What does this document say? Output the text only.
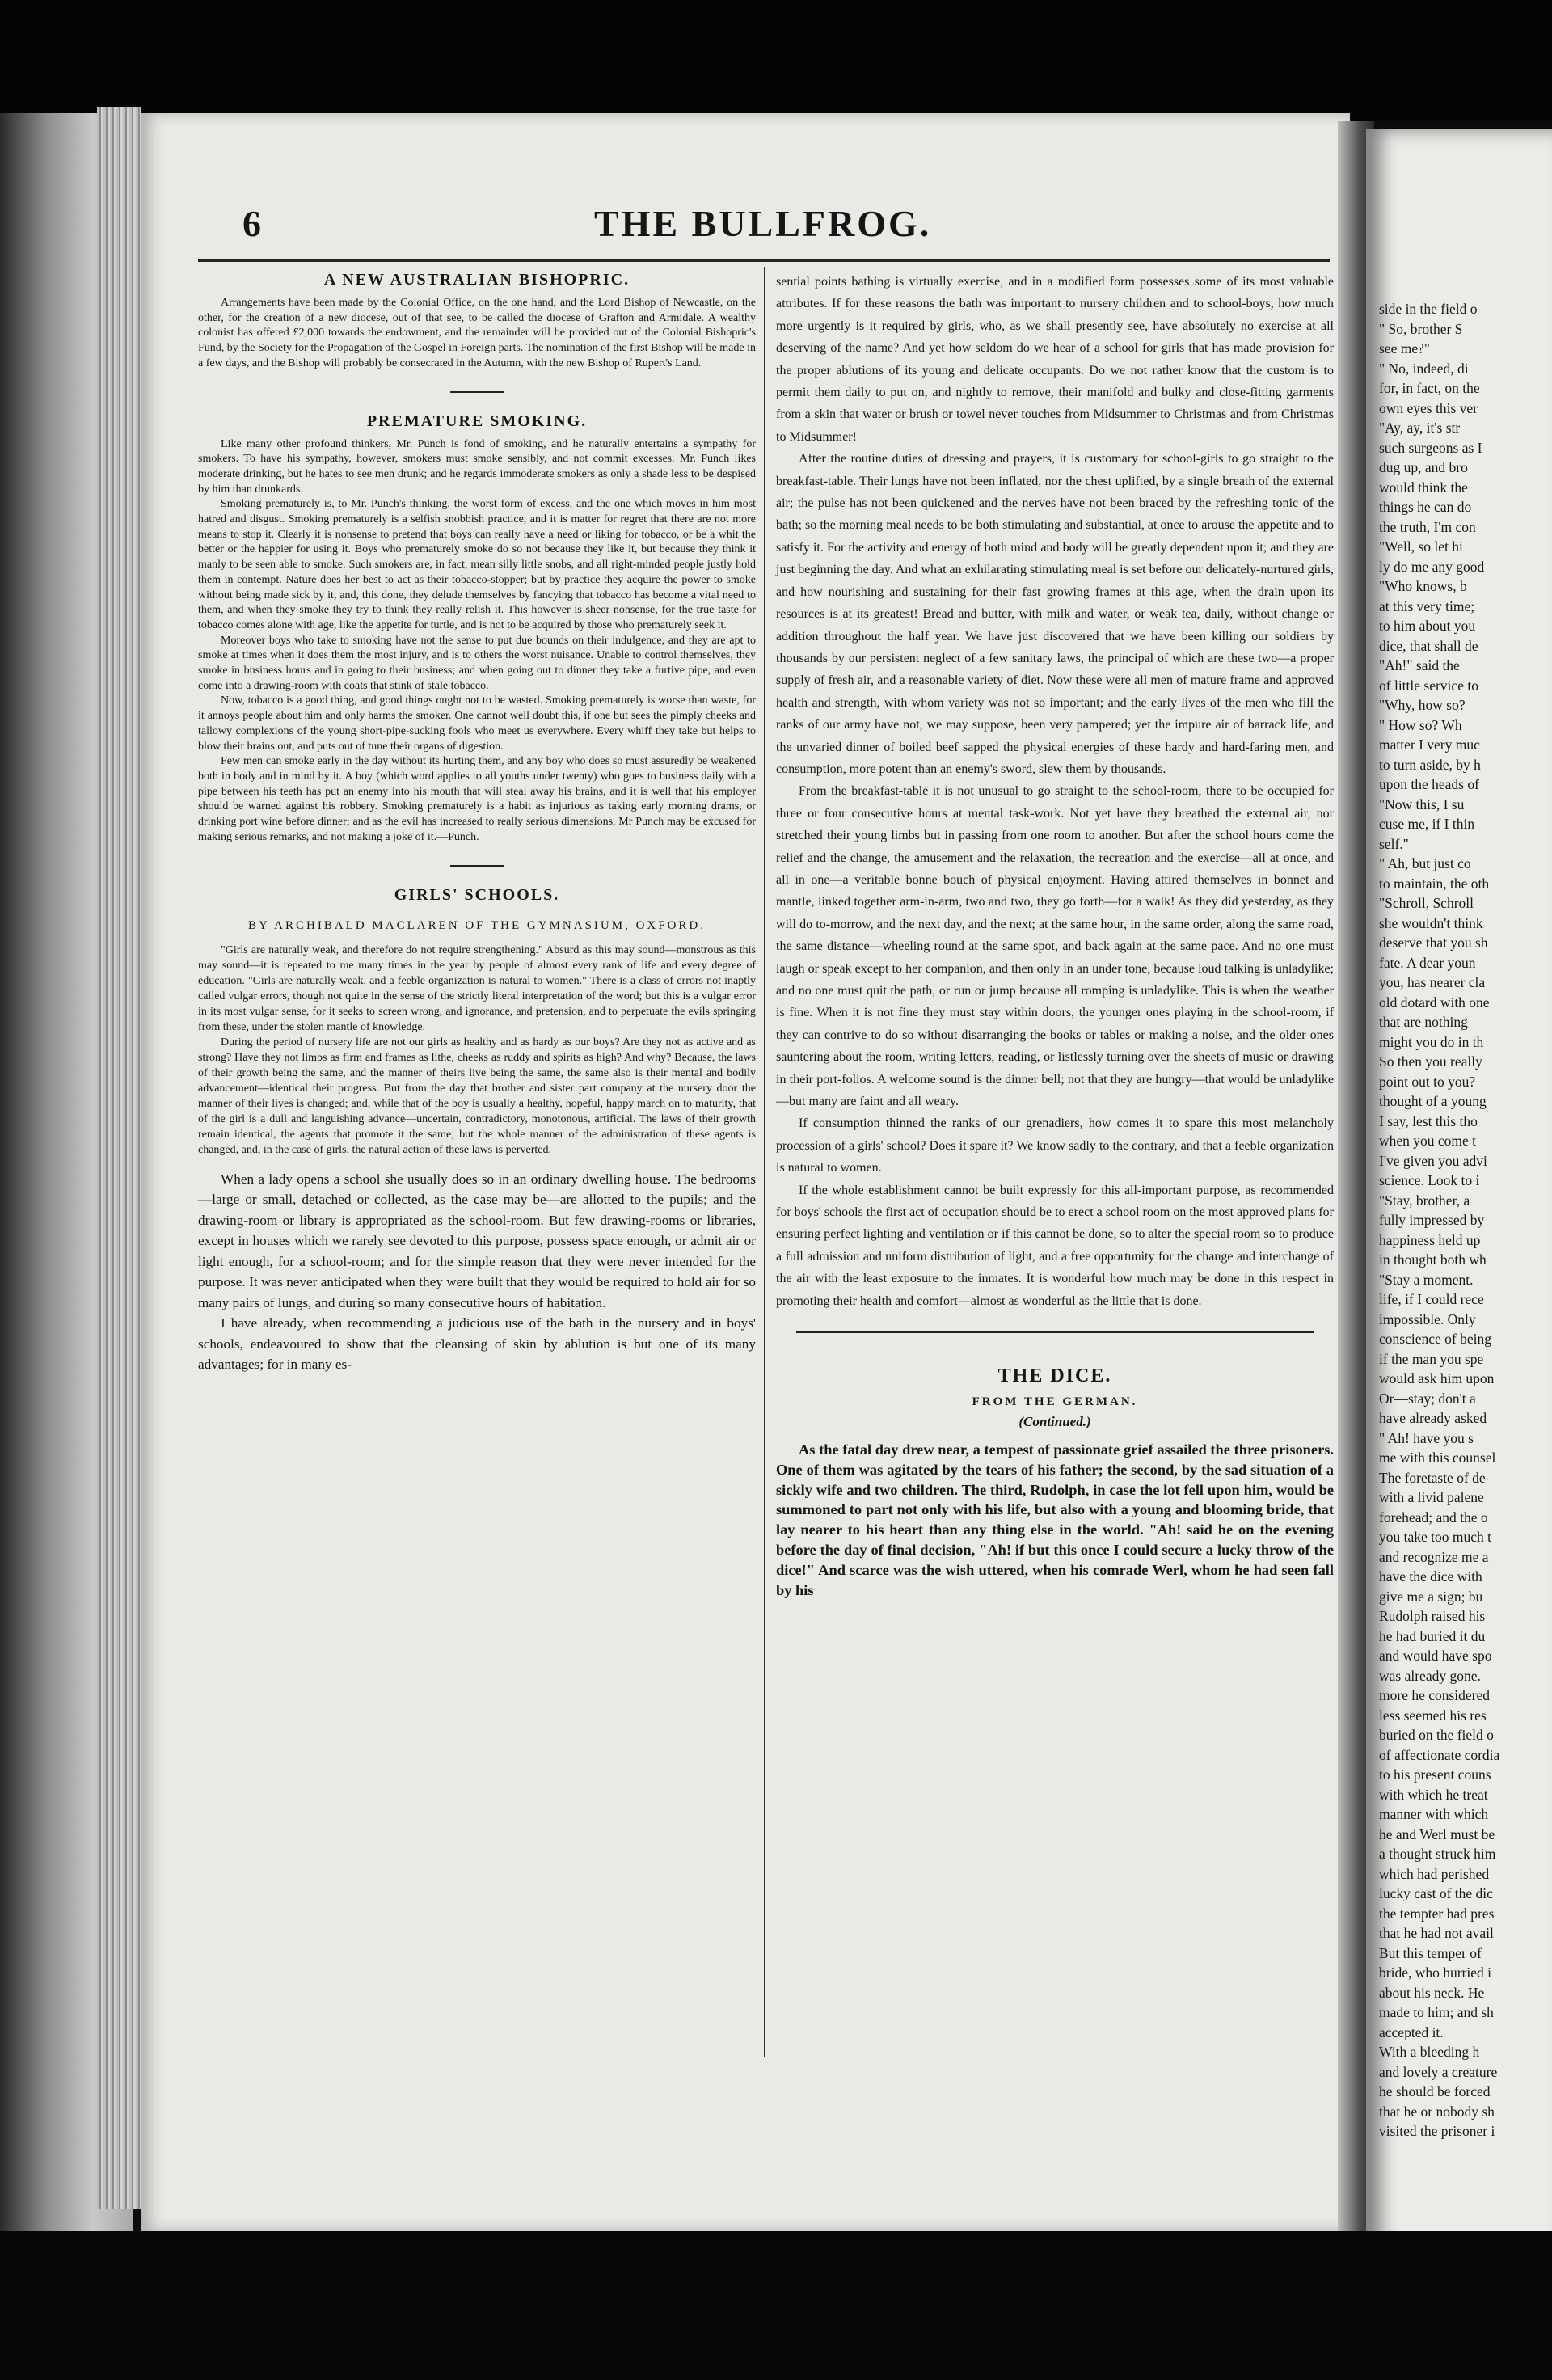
6	THE BULLFROG.
A NEW AUSTRALIAN BISHOPRIC.

Arrangements have been made by the Colonial Office, on the one hand, and the Lord Bishop of Newcastle, on the other, for the creation of a new diocese, out of that see, to be called the diocese of Grafton and Armidale. A wealthy colonist has offered £2,000 towards the endowment, and the remainder will be provided out of the Colonial Bishopric's Fund, by the Society for the Propagation of the Gospel in Foreign parts. The nomination of the first Bishop will be made in a few days, and the Bishop will probably be consecrated in the Autumn, with the new Bishop of Rupert's Land.

PREMATURE SMOKING.

Like many other profound thinkers, Mr. Punch is fond of smoking, and he naturally entertains a sympathy for smokers. To have his sympathy, however, smokers must smoke sensibly, and not commit excesses. Mr. Punch likes moderate drinking, but he hates to see men drunk; and he regards immoderate smokers as only a shade less to be despised by him than drunkards.

Smoking prematurely is, to Mr. Punch's thinking, the worst form of excess, and the one which moves in him most hatred and disgust. Smoking prematurely is a selfish snobbish practice, and it is matter for regret that there are not more means to stop it. Clearly it is nonsense to pretend that boys can really have a need or liking for tobacco, or be a whit the better or the happier for using it. Boys who prematurely smoke do so not because they like it, but because they think it manly to be seen able to smoke. Such smokers are, in fact, mean silly little snobs, and all right-minded people justly hold them in contempt. Nature does her best to act as their tobacco-stopper; but by practice they acquire the power to smoke without being made sick by it, and, this done, they delude themselves by fancying that tobacco has become a vital need to them, and when they smoke they try to think they really relish it. This however is sheer nonsense, for the true taste for tobacco comes alone with age, like the appetite for turtle, and is not to be acquired by those who prematurely seek it.

Moreover boys who take to smoking have not the sense to put due bounds on their indulgence, and they are apt to smoke at times when it does them the most injury, and is to others the worst nuisance. Unable to control themselves, they smoke in business hours and in going to their business; and when going out to dinner they take a furtive pipe, and even come into a drawing-room with coats that stink of stale tobacco.

Now, tobacco is a good thing, and good things ought not to be wasted. Smoking prematurely is worse than waste, for it annoys people about him and only harms the smoker. One cannot well doubt this, if one but sees the pimply cheeks and tallowy complexions of the young short-pipe-sucking fools who meet us everywhere. Every whiff they take but helps to blow their brains out, and puts out of tune their organs of digestion.

Few men can smoke early in the day without its hurting them, and any boy who does so must assuredly be weakened both in body and in mind by it. A boy (which word applies to all youths under twenty) who goes to business daily with a pipe between his teeth has put an enemy into his mouth that will steal away his brains, and it is well that his employer should be warned against his robbery. Smoking prematurely is a habit as injurious as taking early morning drams, or drinking port wine before dinner; and as the evil has increased to really serious dimensions, Mr Punch may be excused for making serious remarks, and not making a joke of it.—Punch.

GIRLS' SCHOOLS.
BY ARCHIBALD MACLAREN OF THE GYMNASIUM, OXFORD.

"Girls are naturally weak, and therefore do not require strengthening." Absurd as this may sound—monstrous as this may sound—it is repeated to me many times in the year by people of almost every rank of life and every degree of education. "Girls are naturally weak, and a feeble organization is natural to women." There is a class of errors not inaptly called vulgar errors, though not quite in the sense of the strictly literal interpretation of the word; but this is a vulgar error in its most vulgar sense, for it seeks to screen wrong, and ignorance, and pretension, and to perpetuate the evils springing from these, under the stolen mantle of knowledge.

During the period of nursery life are not our girls as healthy and as hardy as our boys? Are they not as active and as strong? Have they not limbs as firm and frames as lithe, cheeks as ruddy and spirits as high? And why? Because, the laws of their growth being the same, and the manner of theirs live being the same, the same also is their mental and bodily advancement—identical their progress. But from the day that brother and sister part company at the nursery door the manner of their lives is changed; and, while that of the boy is usually a healthy, hopeful, happy march on to maturity, that of the girl is a dull and languishing advance—uncertain, contradictory, monotonous, artificial. The laws of their growth remain identical, the agents that promote it the same; but the whole manner of the administration of these agents is changed, and, in the case of girls, the natural action of these laws is perverted.

When a lady opens a school she usually does so in an ordinary dwelling house. The bedrooms—large or small, detached or collected, as the case may be—are allotted to the pupils; and the drawing-room or library is appropriated as the school-room. But few drawing-rooms or libraries, except in houses which we rarely see devoted to this purpose, possess space enough, or admit air or light enough, for a school-room; and for the simple reason that they were never intended for the purpose. It was never anticipated when they were built that they would be required to hold air for so many pairs of lungs, and during so many consecutive hours of habitation.

I have already, when recommending a judicious use of the bath in the nursery and in boys' schools, endeavoured to show that the cleansing of skin by ablution is but one of its many advantages; for in many es-

sential points bathing is virtually exercise, and in a modified form possesses some of its most valuable attributes. If for these reasons the bath was important to nursery children and to school-boys, how much more urgently is it required by girls, who, as we shall presently see, have absolutely no exercise at all deserving of the name? And yet how seldom do we hear of a school for girls that has made provision for the proper ablutions of its young and delicate occupants. Do we not rather know that the custom is to permit them daily to put on, and nightly to remove, their manifold and bulky and close-fitting garments from a skin that water or brush or towel never touches from Midsummer to Christmas and from Christmas to Midsummer!

After the routine duties of dressing and prayers, it is customary for school-girls to go straight to the breakfast-table. Their lungs have not been inflated, nor the chest uplifted, by a single breath of the external air; the pulse has not been quickened and the nerves have not been braced by the refreshing tonic of the bath; so the morning meal needs to be both stimulating and substantial, at once to arouse the appetite and to satisfy it. For the activity and energy of both mind and body will be greatly dependent upon it; and they are just beginning the day. And what an exhilarating stimulating meal is set before our delicately-nurtured girls, and how nourishing and sustaining for their fast growing frames at this age, when the drain upon its resources is at its greatest! Bread and butter, with milk and water, or weak tea, daily, without change or addition throughout the half year. We have just discovered that we have been killing our soldiers by thousands by our persistent neglect of a few sanitary laws, the principal of which are these two—a proper supply of fresh air, and a reasonable variety of diet. Now these were all men of mature frame and approved health and strength, with whom variety was not so important; and the early lives of the men who fill the ranks of our army have not, we may suppose, been very pampered; yet the impure air of barrack life, and the unvaried dinner of boiled beef sapped the physical energies of these hardy and hard-faring men, and consumption, more potent than an enemy's sword, slew them by thousands.

From the breakfast-table it is not unusual to go straight to the school-room, there to be occupied for three or four consecutive hours at mental task-work. Not yet have they breathed the external air, nor stretched their young limbs but in passing from one room to another. But after the school hours come the relief and the change, the amusement and the relaxation, the recreation and the exercise—all at once, and all in one—a veritable bonne bouch of physical enjoyment. Having attired themselves in bonnet and mantle, linked together arm-in-arm, two and two, they go forth—for a walk! As they did yesterday, as they will do to-morrow, and the next day, and the next; at the same hour, in the same order, along the same road, the same distance—wheeling round at the same spot, and back again at the same pace. And no one must laugh or speak except to her companion, and then only in an under tone, because loud talking is unladylike; and no one must quit the path, or run or jump because all romping is unladylike. This is when the weather is fine. When it is not fine they must stay within doors, the younger ones playing in the school-room, if they can contrive to do so without disarranging the books or tables or making a noise, and the older ones sauntering about the room, writing letters, reading, or listlessly turning over the sheets of music or drawing in their port-folios. A welcome sound is the dinner bell; not that they are hungry—that would be unladylike—but many are faint and all weary.

If consumption thinned the ranks of our grenadiers, how comes it to spare this most melancholy procession of a girls' school? Does it spare it? We know sadly to the contrary, and that a feeble organization is natural to women.

If the whole establishment cannot be built expressly for this all-important purpose, as recommended for boys' schools the first act of occupation should be to erect a school room on the most approved plans for ensuring perfect lighting and ventilation or if this cannot be done, so to alter the special room so to produce a full admission and uniform distribution of light, and a free opportunity for the change and interchange of the air with the least exposure to the inmates. It is wonderful how much may be done in this respect in promoting their health and comfort—almost as wonderful as the little that is done.

THE DICE.
FROM THE GERMAN.
(Continued.)

As the fatal day drew near, a tempest of passionate grief assailed the three prisoners. One of them was agitated by the tears of his father; the second, by the sad situation of a sickly wife and two children. The third, Rudolph, in case the lot fell upon him, would be summoned to part not only with his life, but also with a young and blooming bride, that lay nearer to his heart than any thing else in the world. "Ah! said he on the evening before the day of final decision, "Ah! if but this once I could secure a lucky throw of the dice!" And scarce was the wish uttered, when his comrade Werl, whom he had seen fall by his

side in the field o
" So, brother S
see me?"
" No, indeed, di
for, in fact, on the
own eyes this ver
"Ay, ay, it's str
such surgeons as I
dug up, and bro
would think the
things he can do
the truth, I'm con
"Well, so let hi
ly do me any good
"Who knows, b
at this very time;
to him about you
dice, that shall de
"Ah!" said the
of little service to
"Why, how so?
" How so? Wh
matter I very muc
to turn aside, by h
upon the heads of
"Now this, I su
cuse me, if I thin
self."
" Ah, but just co
to maintain, the oth
"Schroll, Schroll
she wouldn't think
deserve that you sh
fate. A dear youn
you, has nearer cla
old dotard with one
that are nothing
might you do in th
So then you really
point out to you?
thought of a young
I say, lest this tho
when you come t
I've given you advi
science. Look to i
"Stay, brother, a
fully impressed by
happiness held up
in thought both wh
"Stay a moment.
life, if I could rece
impossible. Only
conscience of being
if the man you spe
would ask him upon
Or—stay; don't a
have already asked
" Ah! have you s
me with this counsel
The foretaste of de
with a livid palene
forehead; and the o
you take too much t
and recognize me a
have the dice with
give me a sign; bu
Rudolph raised his
he had buried it du
and would have spo
was already gone.
more he considered
less seemed his res
buried on the field o
of affectionate cordia
to his present couns
with which he treat
manner with which
he and Werl must be
a thought struck him
which had perished
lucky cast of the dic
the tempter had pres
that he had not avail
But this temper of
bride, who hurried i
about his neck. He
made to him; and sh
accepted it.
With a bleeding h
and lovely a creature
he should be forced
that he or nobody sh
visited the prisoner i
